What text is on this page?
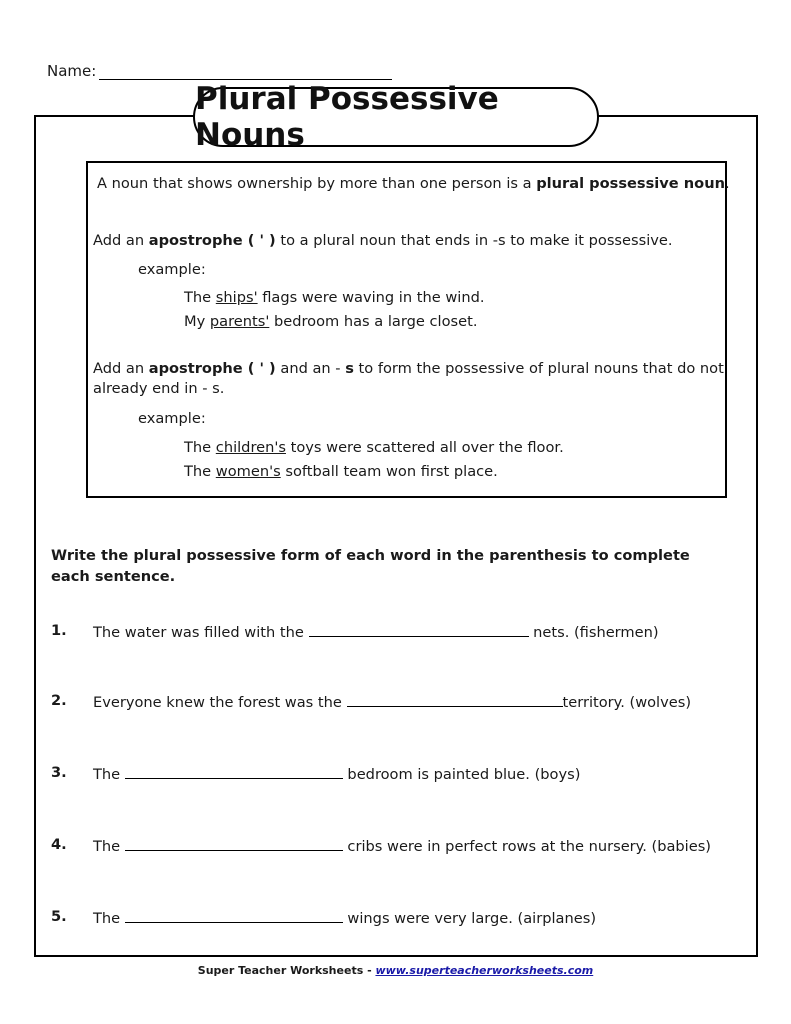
Name:
Plural Possessive Nouns
A noun that shows ownership by more than one person is a plural possessive noun.
Add an apostrophe ( ' ) to a plural noun that ends in -s to make it possessive.
example:
The ships' flags were waving in the wind.
My parents' bedroom has a large closet.
Add an apostrophe ( ' ) and an - s to form the possessive of plural nouns that do not
already end in - s.
example:
The children's toys were scattered all over the floor.
The women's softball team won first place.
Write the plural possessive form of each word in the parenthesis to complete each sentence.
1. The water was filled with the	nets. (fishermen)
2. Everyone knew the forest was the	territory. (wolves)
3. The	bedroom is painted blue. (boys)
4. The	cribs were in perfect rows at the nursery. (babies)
5. The	wings were very large. (airplanes)
Super Teacher Worksheets - www.superteacherworksheets.com
